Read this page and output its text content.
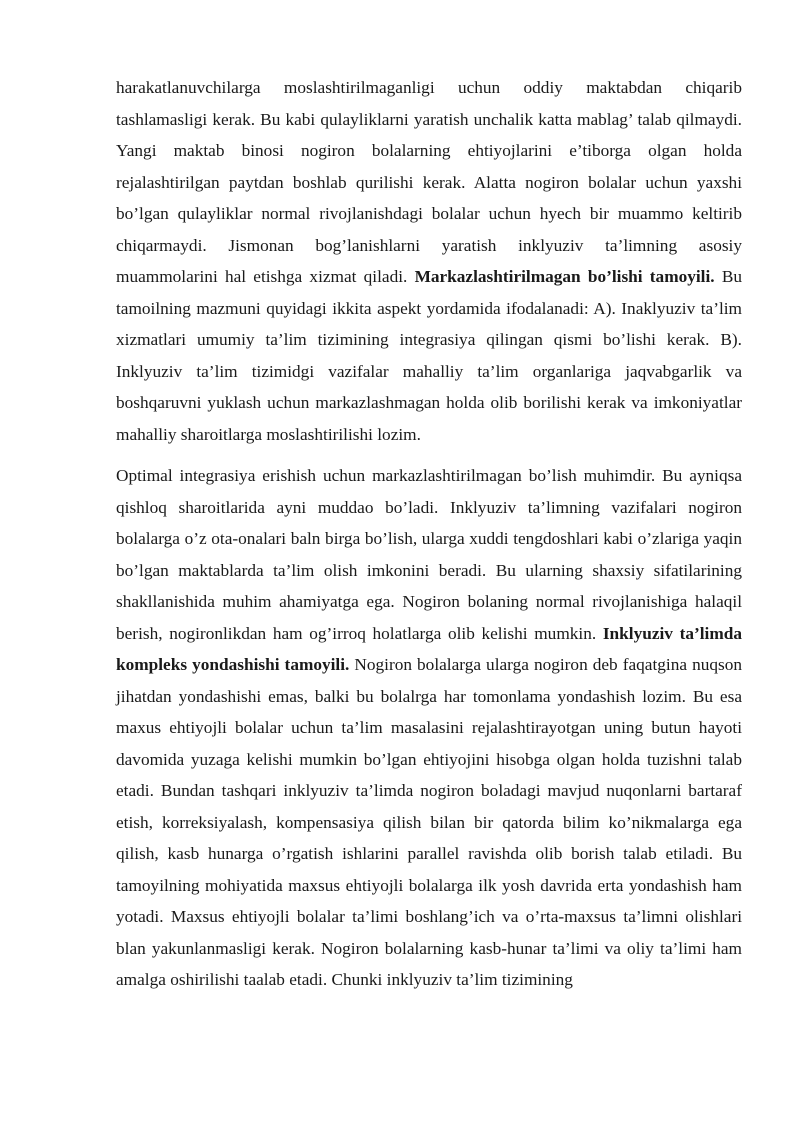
harakatlanuvchilarga moslashtirilmaganligi uchun oddiy maktabdan chiqarib tashlamasligi kerak. Bu kabi qulayliklarni yaratish unchalik katta mablag’ talab qilmaydi. Yangi maktab binosi nogiron bolalarning ehtiyojlarini e’tiborga olgan holda rejalashtirilgan paytdan boshlab qurilishi kerak. Alatta nogiron bolalar uchun yaxshi bo’lgan qulayliklar normal rivojlanishdagi bolalar uchun hyech bir muammo keltirib chiqarmaydi. Jismonan bog’lanishlarni yaratish inklyuziv ta’limning asosiy muammolarini hal etishga xizmat qiladi. Markazlashtirilmagan bo’lishi tamoyili. Bu tamoilning mazmuni quyidagi ikkita aspekt yordamida ifodalanadi: A). Inaklyuziv ta’lim xizmatlari umumiy ta’lim tizimining integrasiya qilingan qismi bo’lishi kerak. B). Inklyuziv ta’lim tizimidgi vazifalar mahalliy ta’lim organlariga jaqvabgarlik va boshqaruvni yuklash uchun markazlashmagan holda olib borilishi kerak va imkoniyatlar mahalliy sharoitlarga moslashtirilishi lozim.

Optimal integrasiya erishish uchun markazlashtirilmagan bo’lish muhimdir. Bu ayniqsa qishloq sharoitlarida ayni muddao bo’ladi. Inklyuziv ta’limning vazifalari nogiron bolalarga o’z ota-onalari baln birga bo’lish, ularga xuddi tengdoshlari kabi o’zlariga yaqin bo’lgan maktablarda ta’lim olish imkonini beradi. Bu ularning shaxsiy sifatilarining shakllanishida muhim ahamiyatga ega. Nogiron bolaning normal rivojlanishiga halaqil berish, nogironlikdan ham og’irroq holatlarga olib kelishi mumkin. Inklyuziv ta’limda kompleks yondashishi tamoyili. Nogiron bolalarga ularga nogiron deb faqatgina nuqson jihatdan yondashishi emas, balki bu bolalrga har tomonlama yondashish lozim. Bu esa maxus ehtiyojli bolalar uchun ta’lim masalasini rejalashtirayotgan uning butun hayoti davomida yuzaga kelishi mumkin bo’lgan ehtiyojini hisobga olgan holda tuzishni talab etadi. Bundan tashqari inklyuziv ta’limda nogiron boladagi mavjud nuqonlarni bartaraf etish, korreksiyalash, kompensasiya qilish bilan bir qatorda bilim ko’nikmalarga ega qilish, kasb hunarga o’rgatish ishlarini parallel ravishda olib borish talab etiladi. Bu tamoyilning mohiyatida maxsus ehtiyojli bolalarga ilk yosh davrida erta yondashish ham yotadi. Maxsus ehtiyojli bolalar ta’limi boshlang’ich va o’rta-maxsus ta’limni olishlari blan yakunlanmasligi kerak. Nogiron bolalarning kasb-hunar ta’limi va oliy ta’limi ham amalga oshirilishi taalab etadi. Chunki inklyuziv ta’lim tizimining
